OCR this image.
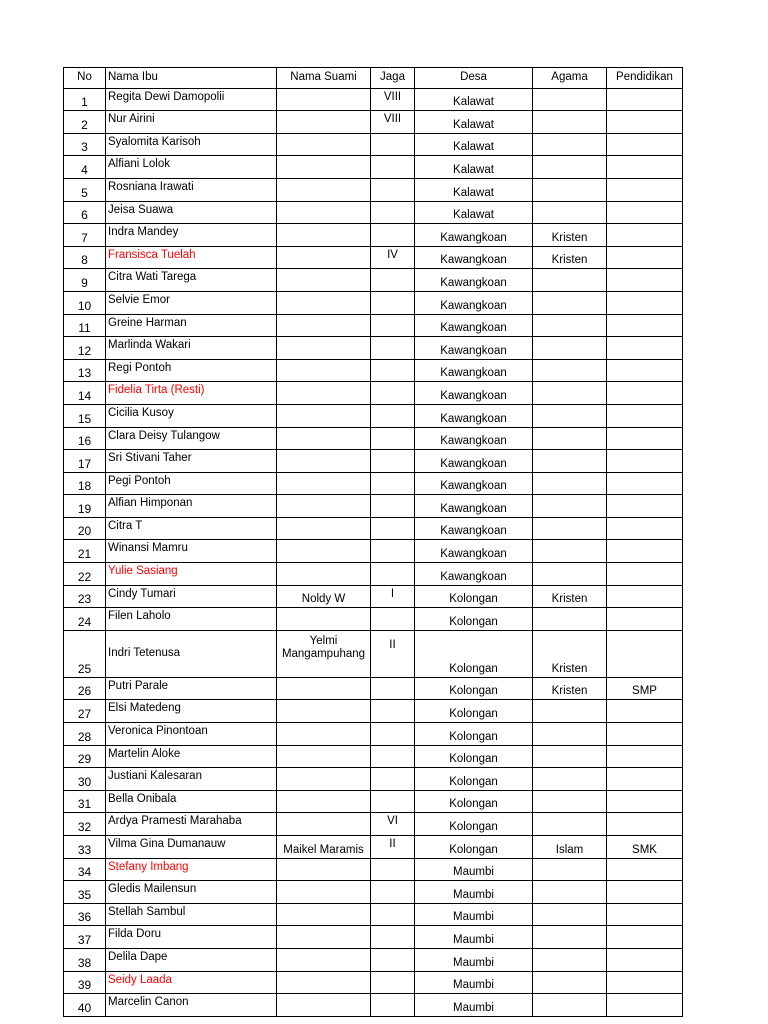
No	Nama Ibu	Nama Suami	Jaga	Desa	Agama	Pendidikan
1	Regita Dewi Damopolii		VIII	Kalawat		
2	Nur Airini		VIII	Kalawat		
3	Syalomita Karisoh			Kalawat		
4	Alfiani Lolok			Kalawat		
5	Rosniana Irawati			Kalawat		
6	Jeisa Suawa			Kalawat		
7	Indra Mandey			Kawangkoan	Kristen	
8	Fransisca Tuelah		IV	Kawangkoan	Kristen	
9	Citra Wati Tarega			Kawangkoan		
10	Selvie Emor			Kawangkoan		
11	Greine Harman			Kawangkoan		
12	Marlinda Wakari			Kawangkoan		
13	Regi Pontoh			Kawangkoan		
14	Fidelia Tirta (Resti)			Kawangkoan		
15	Cicilia Kusoy			Kawangkoan		
16	Clara Deisy Tulangow			Kawangkoan		
17	Sri Stivani Taher			Kawangkoan		
18	Pegi Pontoh			Kawangkoan		
19	Alfian Himponan			Kawangkoan		
20	Citra T			Kawangkoan		
21	Winansi Mamru			Kawangkoan		
22	Yulie Sasiang			Kawangkoan		
23	Cindy Tumari	Noldy W	I	Kolongan	Kristen	
24	Filen Laholo			Kolongan		
25	Indri Tetenusa	Yelmi Mangampuhang	II	Kolongan	Kristen	
26	Putri Parale			Kolongan	Kristen	SMP
27	Elsi Matedeng			Kolongan		
28	Veronica Pinontoan			Kolongan		
29	Martelin Aloke			Kolongan		
30	Justiani Kalesaran			Kolongan		
31	Bella Onibala			Kolongan		
32	Ardya Pramesti Marahaba		VI	Kolongan		
33	Vilma Gina Dumanauw	Maikel Maramis	II	Kolongan	Islam	SMK
34	Stefany Imbang			Maumbi		
35	Gledis Mailensun			Maumbi		
36	Stellah Sambul			Maumbi		
37	Filda Doru			Maumbi		
38	Delila Dape			Maumbi		
39	Seidy Laada			Maumbi		
40	Marcelin Canon			Maumbi		
